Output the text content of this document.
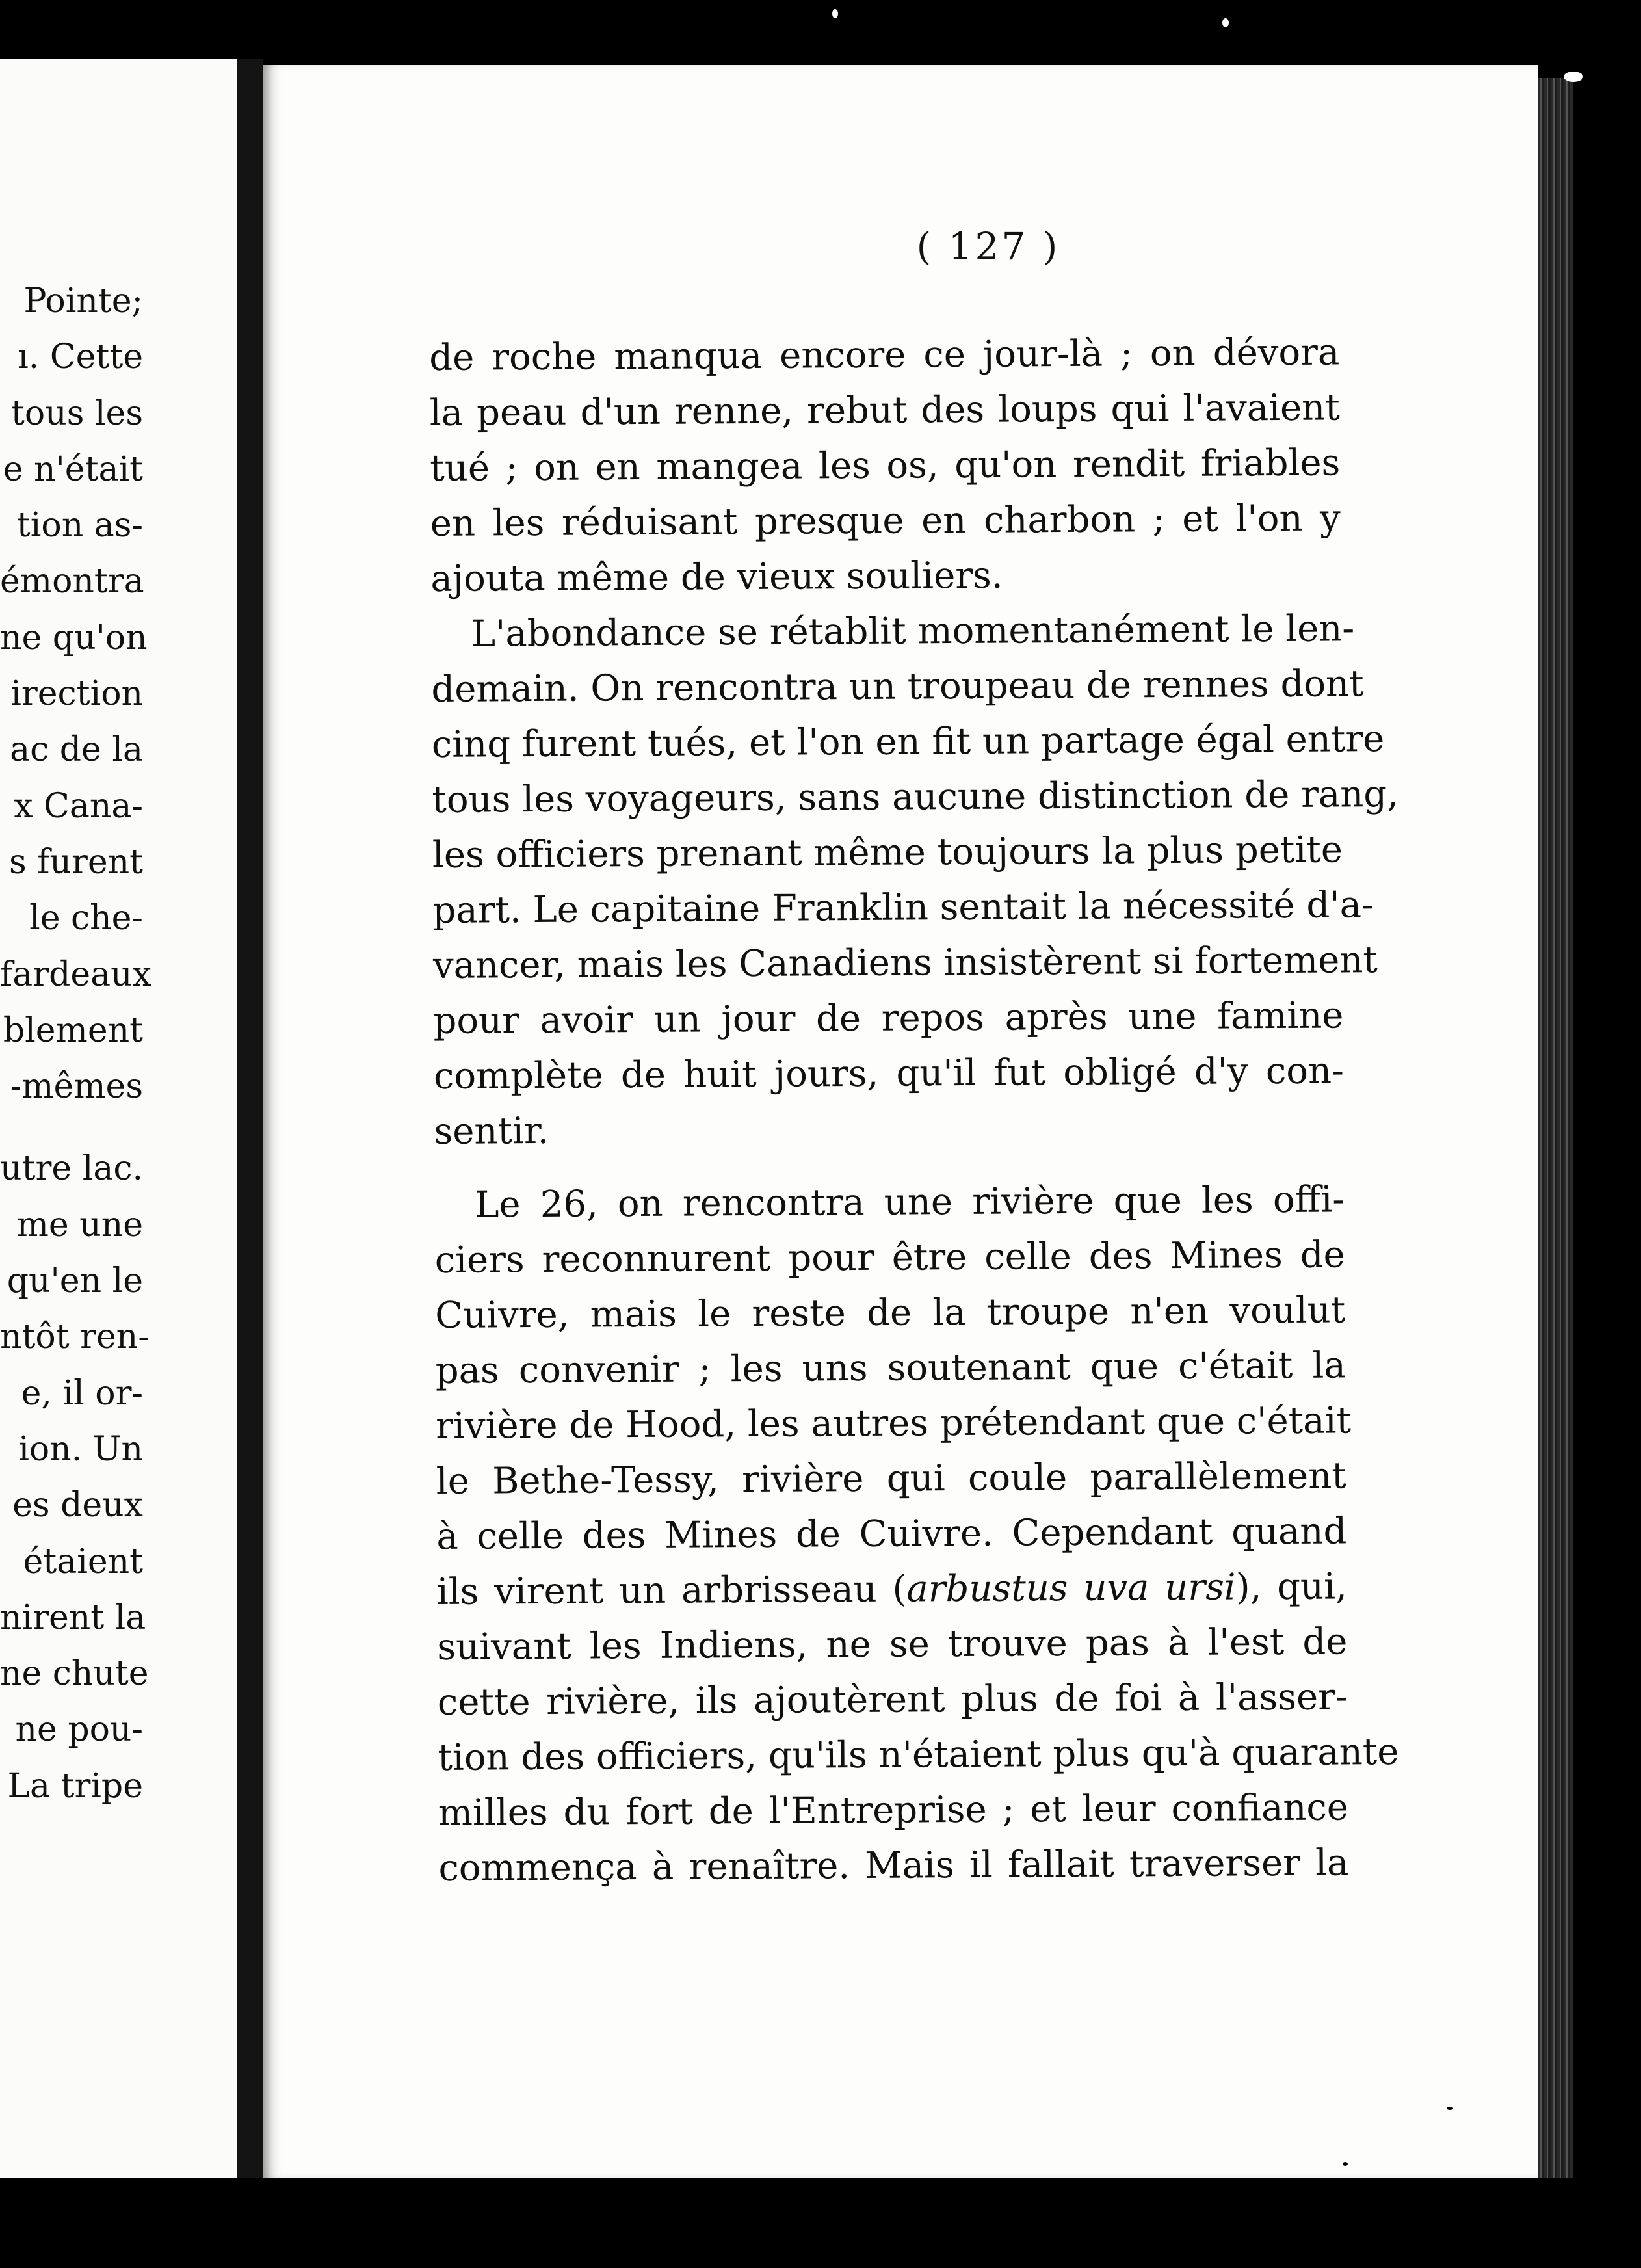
Pointe;
ı. Cette
tous les
e n'était
tion as-
émontra
ne qu'on
irection
ac de la
x Cana-
s furent
le che-
fardeaux
blement
-mêmes
utre lac.
me une
qu'en le
ntôt ren-
e, il or-
ion. Un
es deux
étaient
nirent la
ne chute
ne pou-
La tripe
( 127 )
de roche manqua encore ce jour-là ; on dévora
la peau d'un renne, rebut des loups qui l'avaient
tué ; on en mangea les os, qu'on rendit friables
en les réduisant presque en charbon ; et l'on y
ajouta même de vieux souliers.
L'abondance se rétablit momentanément le len-
demain. On rencontra un troupeau de rennes dont
cinq furent tués, et l'on en fit un partage égal entre
tous les voyageurs, sans aucune distinction de rang,
les officiers prenant même toujours la plus petite
part. Le capitaine Franklin sentait la nécessité d'a-
vancer, mais les Canadiens insistèrent si fortement
pour avoir un jour de repos après une famine
complète de huit jours, qu'il fut obligé d'y con-
sentir.
Le 26, on rencontra une rivière que les offi-
ciers reconnurent pour être celle des Mines de
Cuivre, mais le reste de la troupe n'en voulut
pas convenir ; les uns soutenant que c'était la
rivière de Hood, les autres prétendant que c'était
le Bethe-Tessy, rivière qui coule parallèlement
à celle des Mines de Cuivre. Cependant quand
ils virent un arbrisseau (arbustus uva ursi), qui,
suivant les Indiens, ne se trouve pas à l'est de
cette rivière, ils ajoutèrent plus de foi à l'asser-
tion des officiers, qu'ils n'étaient plus qu'à quarante
milles du fort de l'Entreprise ; et leur confiance
commença à renaître. Mais il fallait traverser la
